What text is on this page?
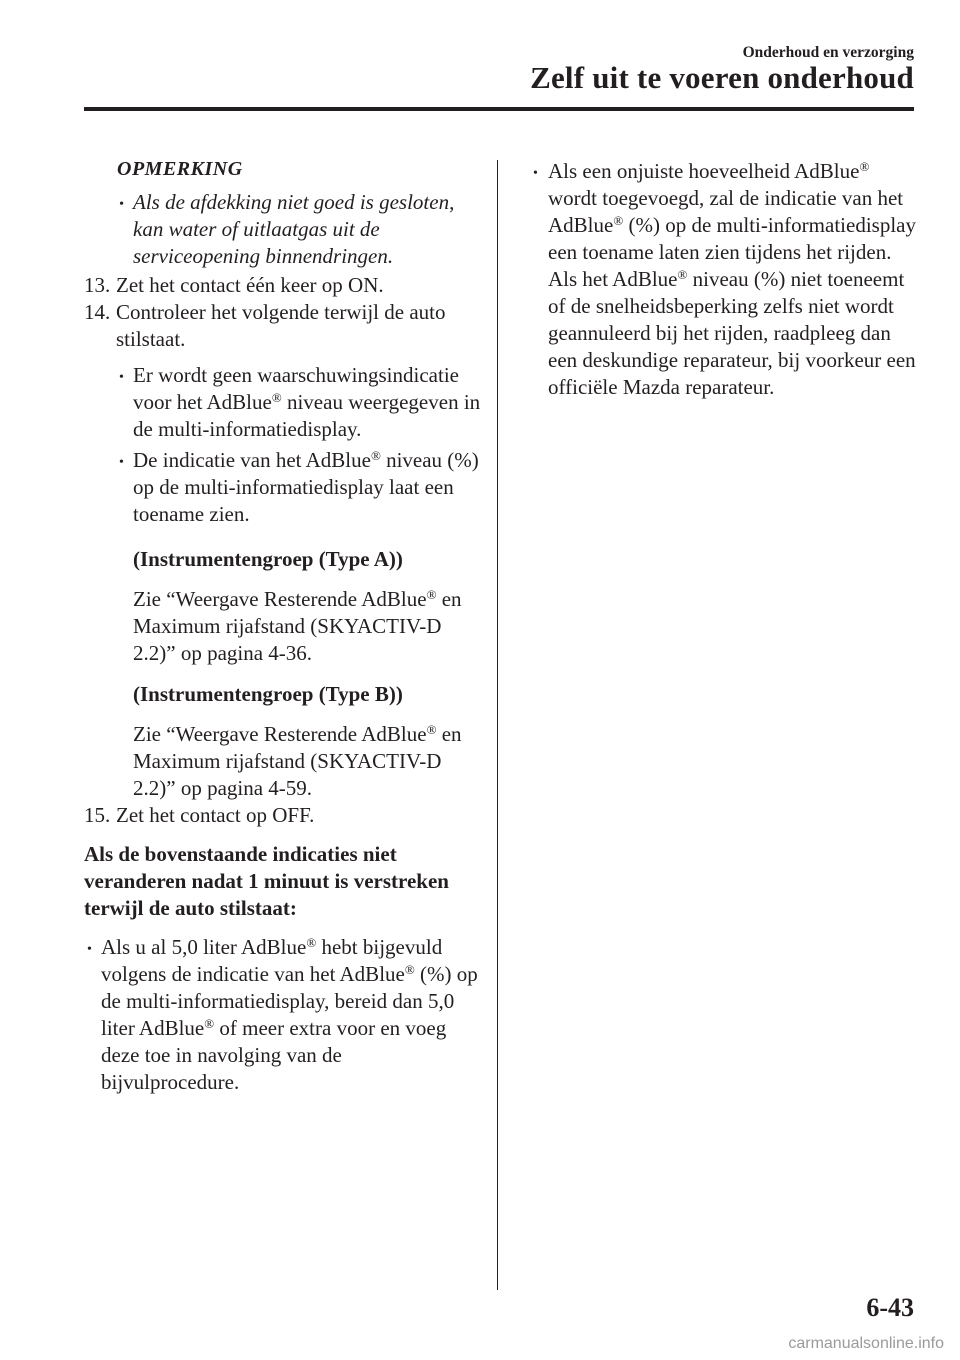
Onderhoud en verzorging
Zelf uit te voeren onderhoud
OPMERKING
• Als de afdekking niet goed is gesloten, kan water of uitlaatgas uit de serviceopening binnendringen.
13. Zet het contact één keer op ON.
14. Controleer het volgende terwijl de auto stilstaat.
• Er wordt geen waarschuwingsindicatie voor het AdBlue® niveau weergegeven in de multi-informatiedisplay.
• De indicatie van het AdBlue® niveau (%) op de multi-informatiedisplay laat een toename zien.
(Instrumentengroep (Type A))
Zie “Weergave Resterende AdBlue® en Maximum rijafstand (SKYACTIV-D 2.2)” op pagina 4-36.
(Instrumentengroep (Type B))
Zie “Weergave Resterende AdBlue® en Maximum rijafstand (SKYACTIV-D 2.2)” op pagina 4-59.
15. Zet het contact op OFF.
Als de bovenstaande indicaties niet veranderen nadat 1 minuut is verstreken terwijl de auto stilstaat:
• Als u al 5,0 liter AdBlue® hebt bijgevuld volgens de indicatie van het AdBlue® (%) op de multi-informatiedisplay, bereid dan 5,0 liter AdBlue® of meer extra voor en voeg deze toe in navolging van de bijvulprocedure.
• Als een onjuiste hoeveelheid AdBlue® wordt toegevoegd, zal de indicatie van het AdBlue® (%) op de multi-informatiedisplay een toename laten zien tijdens het rijden. Als het AdBlue® niveau (%) niet toeneemt of de snelheidsbeperking zelfs niet wordt geannuleerd bij het rijden, raadpleeg dan een deskundige reparateur, bij voorkeur een officiële Mazda reparateur.
6-43
carmanualsonline.info
